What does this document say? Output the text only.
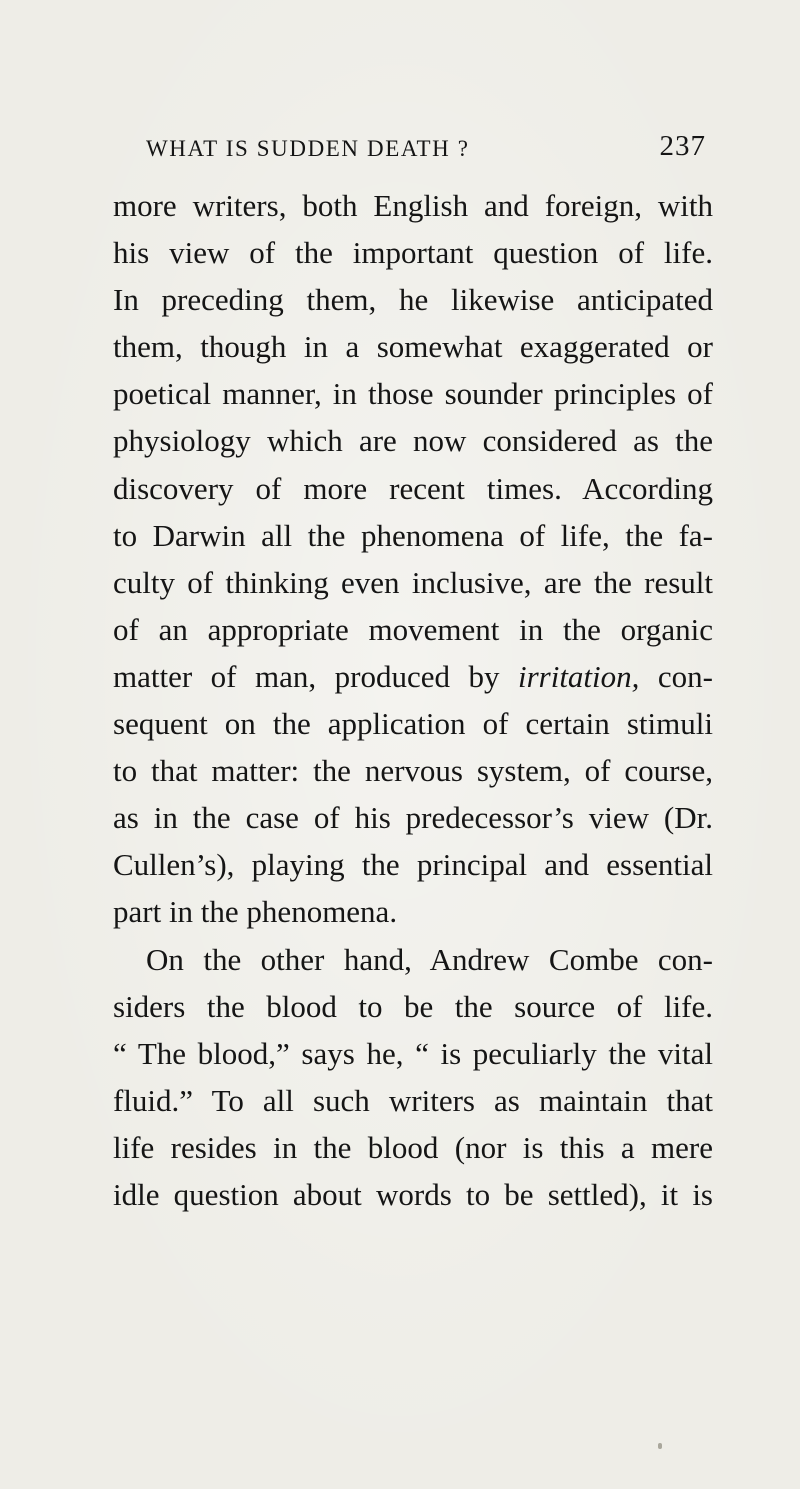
WHAT IS SUDDEN DEATH ?	237
more writers, both English and foreign, with
his view of the important question of life.
In preceding them, he likewise anticipated
them, though in a somewhat exaggerated or
poetical manner, in those sounder principles of
physiology which are now considered as the
discovery of more recent times. According
to Darwin all the phenomena of life, the fa-
culty of thinking even inclusive, are the result
of an appropriate movement in the organic
matter of man, produced by irritation, con-
sequent on the application of certain stimuli
to that matter: the nervous system, of course,
as in the case of his predecessor’s view (Dr.
Cullen’s), playing the principal and essential
part in the phenomena.
On the other hand, Andrew Combe con-
siders the blood to be the source of life.
“ The blood,” says he, “ is peculiarly the vital
fluid.” To all such writers as maintain that
life resides in the blood (nor is this a mere
idle question about words to be settled), it is
